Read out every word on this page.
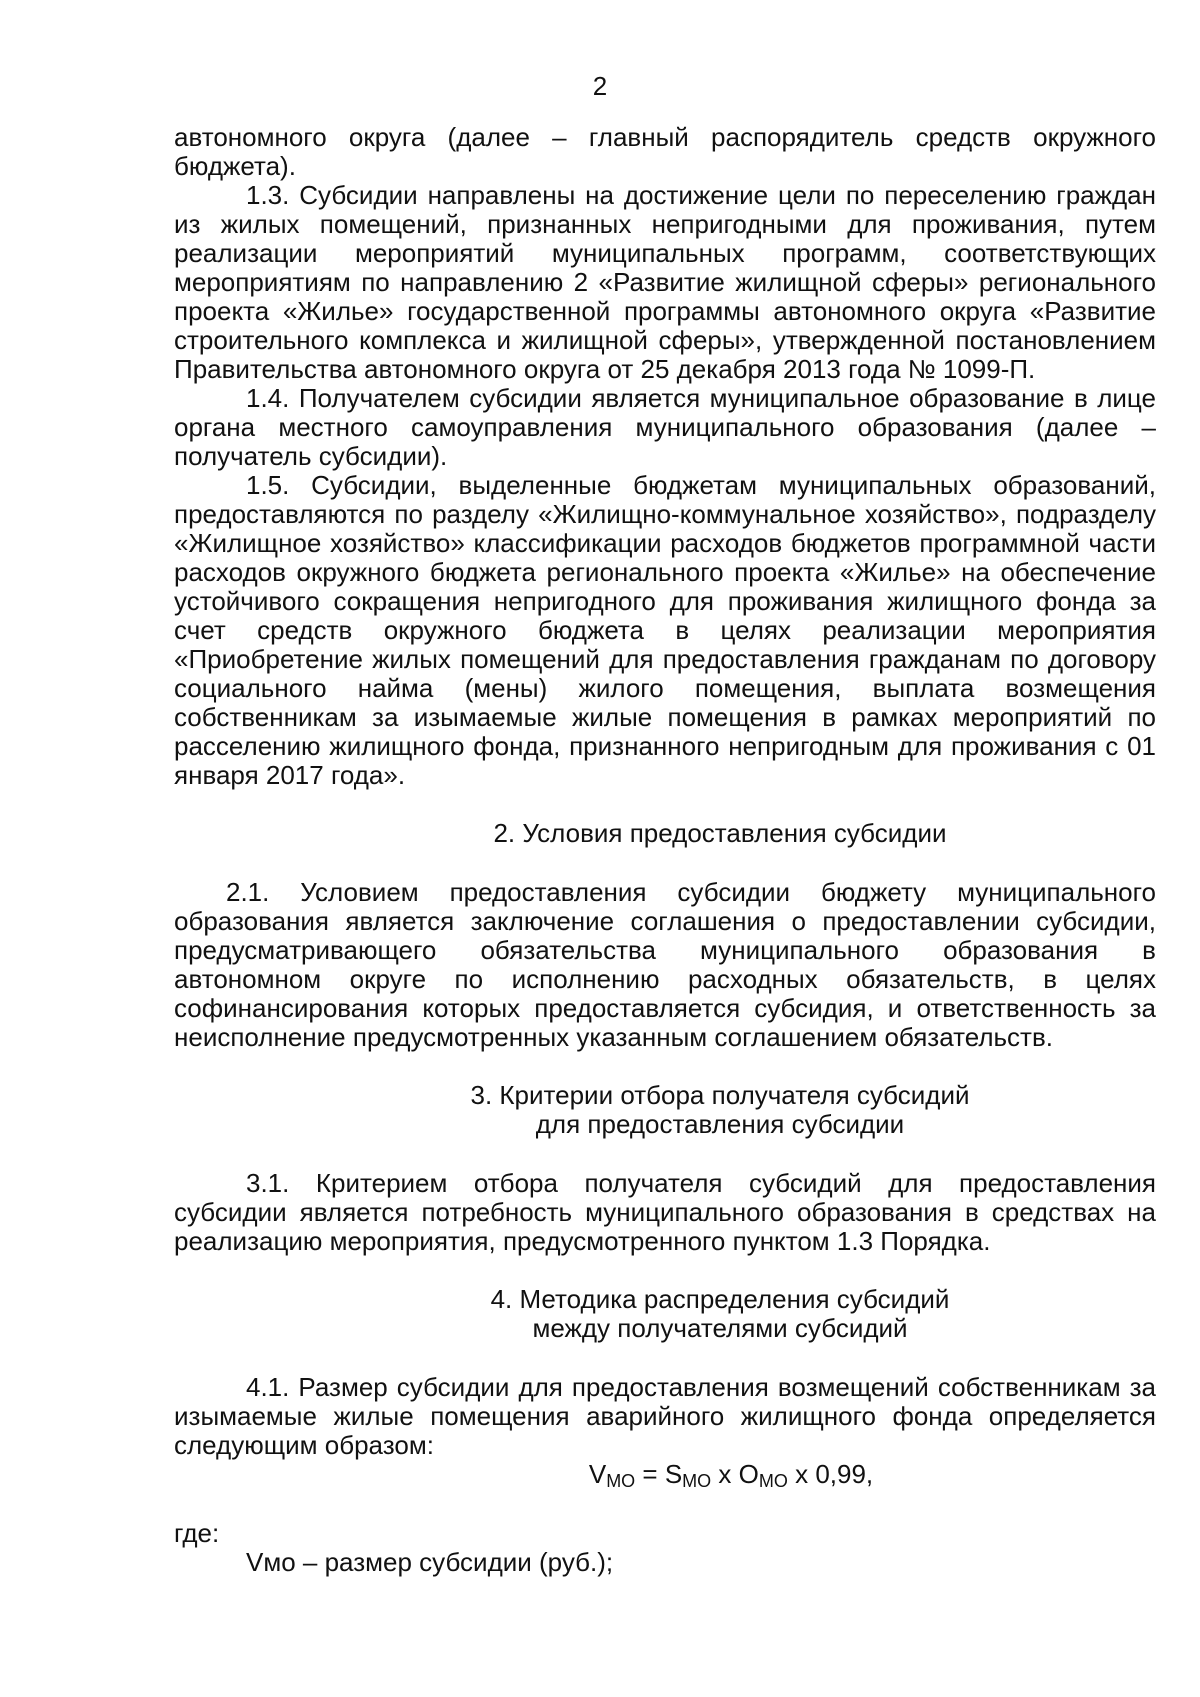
2

автономного округа (далее – главный распорядитель средств окружного бюджета).

1.3. Субсидии направлены на достижение цели по переселению граждан из жилых помещений, признанных непригодными для проживания, путем реализации мероприятий муниципальных программ, соответствующих мероприятиям по направлению 2 «Развитие жилищной сферы» регионального проекта «Жилье» государственной программы автономного округа «Развитие строительного комплекса и жилищной сферы», утвержденной постановлением Правительства автономного округа от 25 декабря 2013 года № 1099-П.

1.4. Получателем субсидии является муниципальное образование в лице органа местного самоуправления муниципального образования (далее – получатель субсидии).

1.5. Субсидии, выделенные бюджетам муниципальных образований, предоставляются по разделу «Жилищно-коммунальное хозяйство», подразделу «Жилищное хозяйство» классификации расходов бюджетов программной части расходов окружного бюджета регионального проекта «Жилье» на обеспечение устойчивого сокращения непригодного для проживания жилищного фонда за счет средств окружного бюджета в целях реализации мероприятия «Приобретение жилых помещений для предоставления гражданам по договору социального найма (мены) жилого помещения, выплата возмещения собственникам за изымаемые жилые помещения в рамках мероприятий по расселению жилищного фонда, признанного непригодным для проживания с 01 января 2017 года».

2. Условия предоставления субсидии

2.1. Условием предоставления субсидии бюджету муниципального образования является заключение соглашения о предоставлении субсидии, предусматривающего обязательства муниципального образования в автономном округе по исполнению расходных обязательств, в целях софинансирования которых предоставляется субсидия, и ответственность за неисполнение предусмотренных указанным соглашением обязательств.

3. Критерии отбора получателя субсидий

для предоставления субсидии

3.1. Критерием отбора получателя субсидий для предоставления субсидии является потребность муниципального образования в средствах на реализацию мероприятия, предусмотренного пунктом 1.3 Порядка.

4. Методика распределения субсидий

между получателями субсидий

4.1. Размер субсидии для предоставления возмещений собственникам за изымаемые жилые помещения аварийного жилищного фонда определяется следующим образом:

$V_{МО} = S_{МО}$ х $O_{МО}$ х 0,99,

где:

Vмо – размер субсидии (руб.);
